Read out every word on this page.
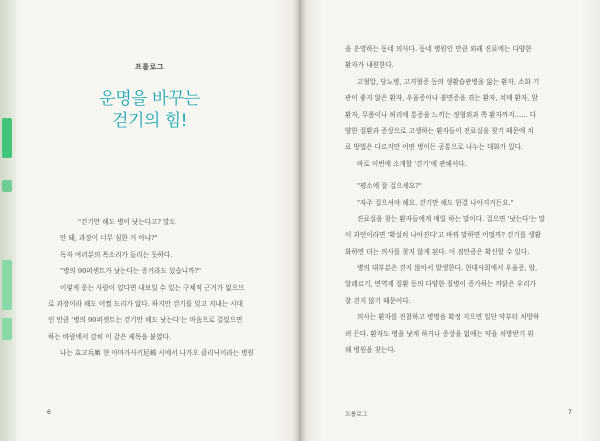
프롤로그
운명을 바꾸는
걷기의 힘!
"걷기만 해도 병이 낫는다고? 말도
안 돼, 과장이 너무 심한 거 아냐?"
독자 여러분의 목소리가 들리는 듯하다.
"병의 90퍼센트가 낫는다는 증거라도 있습니까?"
이렇게 묻는 사람이 있다면 내보일 수 있는 구체적 근거가 없으므
로 과장이라 해도 어쩔 도리가 없다. 하지만 걷기를 잊고 지내는 시대
인 만큼 '병의 90퍼센트는 걷기만 해도 낫는다'는 마음으로 걸었으면
하는 바람에서 감히 이 같은 제목을 붙였다.
나는 효고兵庫 현 아마가사키尼崎 시에서 나가오 클리닉이라는 병원
6
을 운영하는 동네 의사다. 동네 병원인 만큼 외래 진료에는 다양한
환자가 내원한다.
고혈압, 당뇨병, 고지혈증 등의 생활습관병을 앓는 환자, 소화 기
관이 좋지 않은 환자, 우울증이나 불면증을 겪는 환자, 치매 환자, 암
환자, 무릎이나 허리에 통증을 느끼는 정형외과 쪽 환자까지…… 다
양한 질환과 증상으로 고생하는 환자들이 진료실을 찾기 때문에 치
료 방법은 다르지만 어떤 병이든 공통으로 나누는 대화가 있다.
바로 이번에 소개할 '걷기'에 관해서다.
"평소에 잘 걸으세요?"
"자주 걸으셔야 해요. 걷기만 해도 한결 나아지거든요."
진료실을 찾는 환자들에게 매일 하는 말이다. 걸으면 '낫는다'는 말
이 과언이라면 '확실히 나아진다'고 바꿔 말하면 어떨까? 걷기를 생활
화하면 더는 의사를 찾지 않게 된다. 이 점만큼은 확신할 수 있다.
병의 대부분은 걷지 않아서 발생한다. 현대사회에서 우울증, 암,
알레르기, 면역계 질환 등의 다양한 질병이 증가하는 까닭은 우리가
잘 걷지 않기 때문이다.
의사는 환자를 진찰하고 병명을 확정 지으면 일단 약부터 처방하
려 든다. 환자도 병을 낫게 하거나 증상을 없애는 약을 처방받기 위
해 병원을 찾는다.
프롤로그	7
